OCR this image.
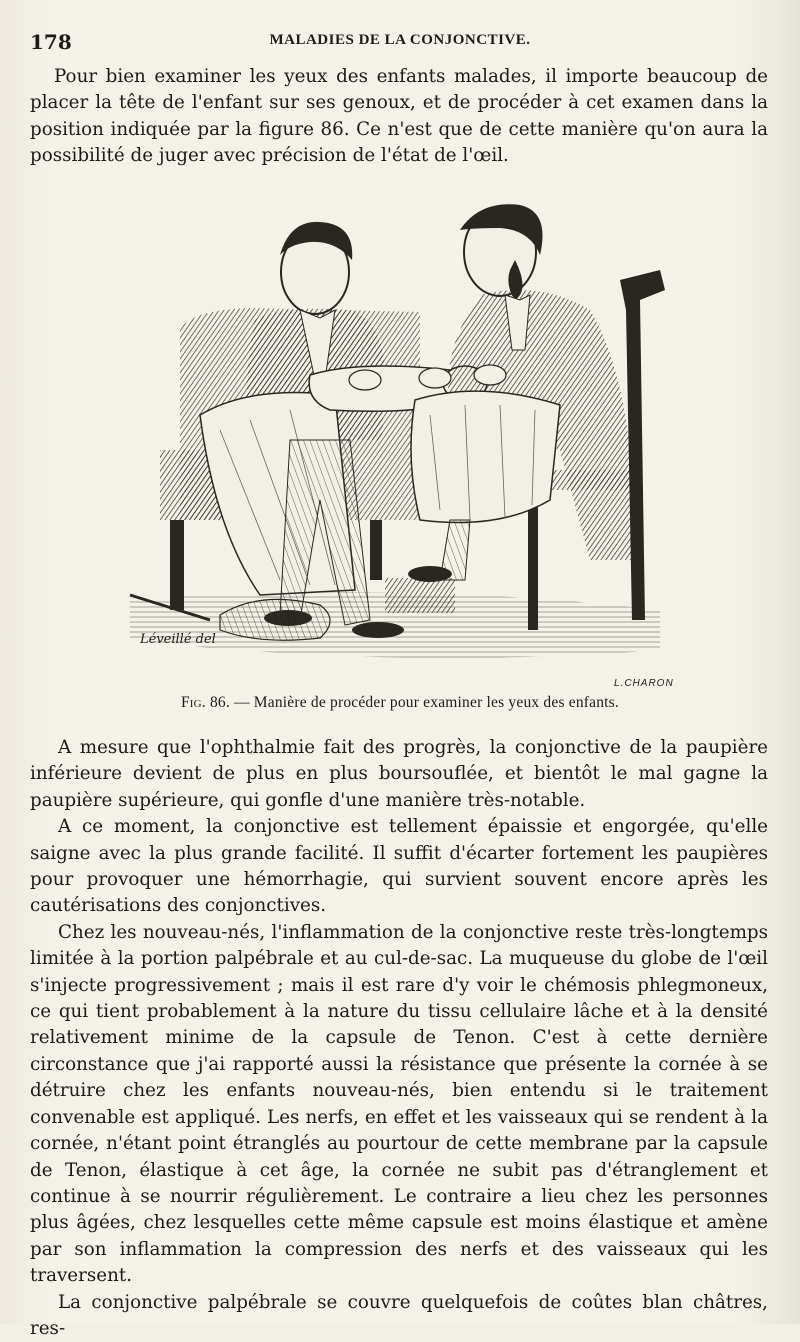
178	MALADIES DE LA CONJONCTIVE.

Pour bien examiner les yeux des enfants malades, il importe beaucoup de placer la tête de l'enfant sur ses genoux, et de procéder à cet examen dans la position indiquée par la figure 86. Ce n'est que de cette manière qu'on aura la possibilité de juger avec précision de l'état de l'œil.

Léveillé del
L.CHARON
Fig. 86. — Manière de procéder pour examiner les yeux des enfants.

A mesure que l'ophthalmie fait des progrès, la conjonctive de la paupière inférieure devient de plus en plus boursouflée, et bientôt le mal gagne la paupière supérieure, qui gonfle d'une manière très-notable.

A ce moment, la conjonctive est tellement épaissie et engorgée, qu'elle saigne avec la plus grande facilité. Il suffit d'écarter fortement les paupières pour provoquer une hémorrhagie, qui survient souvent encore après les cautérisations des conjonctives.

Chez les nouveau-nés, l'inflammation de la conjonctive reste très-longtemps limitée à la portion palpébrale et au cul-de-sac. La muqueuse du globe de l'œil s'injecte progressivement ; mais il est rare d'y voir le chémosis phlegmoneux, ce qui tient probablement à la nature du tissu cellulaire lâche et à la densité relativement minime de la capsule de Tenon. C'est à cette dernière circonstance que j'ai rapporté aussi la résistance que présente la cornée à se détruire chez les enfants nouveau-nés, bien entendu si le traitement convenable est appliqué. Les nerfs, en effet et les vaisseaux qui se rendent à la cornée, n'étant point étranglés au pourtour de cette membrane par la capsule de Tenon, élastique à cet âge, la cornée ne subit pas d'étranglement et continue à se nourrir régulièrement. Le contraire a lieu chez les personnes plus âgées, chez lesquelles cette même capsule est moins élastique et amène par son inflammation la compression des nerfs et des vaisseaux qui les traversent.

La conjonctive palpébrale se couvre quelquefois de coûtes blan châtres, res-
